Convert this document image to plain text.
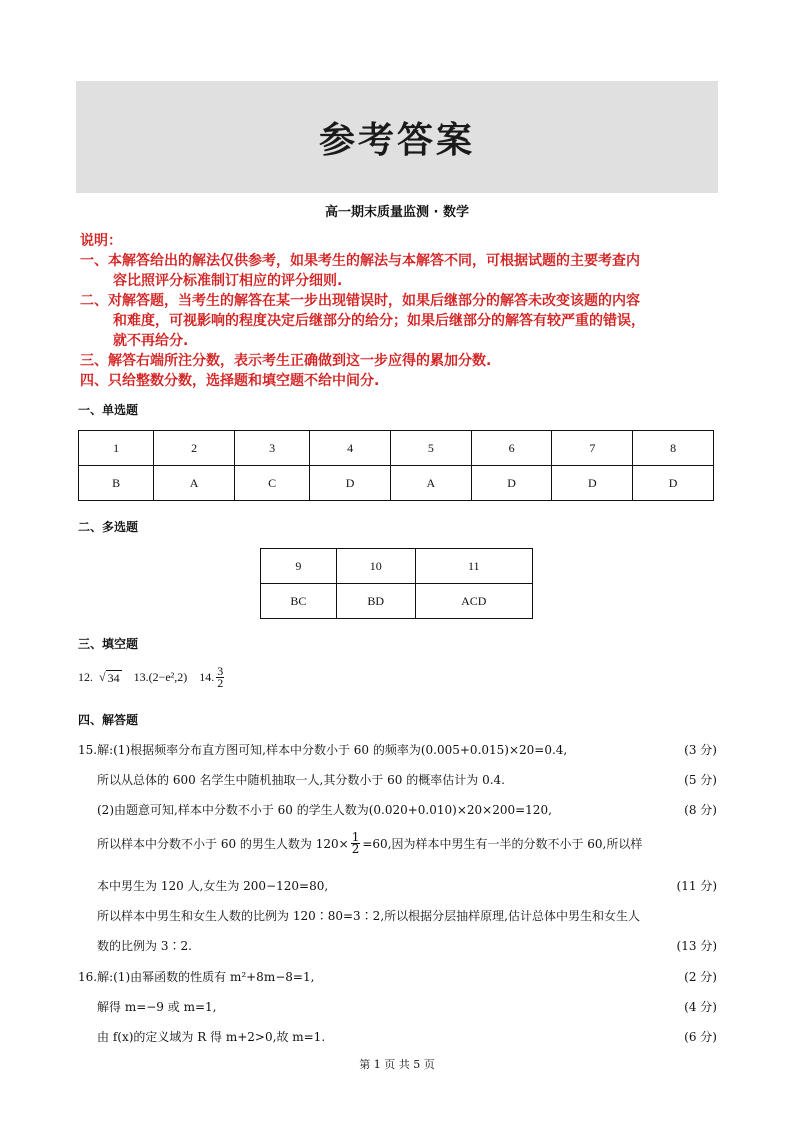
参考答案
高一期末质量监测 · 数学
说明：
一、本解答给出的解法仅供参考，如果考生的解法与本解答不同，可根据试题的主要考查内
容比照评分标准制订相应的评分细则.
二、对解答题，当考生的解答在某一步出现错误时，如果后继部分的解答未改变该题的内容
和难度，可视影响的程度决定后继部分的给分；如果后继部分的解答有较严重的错误，
就不再给分.
三、解答右端所注分数，表示考生正确做到这一步应得的累加分数.
四、只给整数分数，选择题和填空题不给中间分.
一、单选题
1	2	3	4	5	6	7	8
B	A	C	D	A	D	D	D
二、多选题
9	10	11
BC	BD	ACD
三、填空题
12. √ 34 13.(2−e²,2) 14. $\frac{3}{2}$
四、解答题
15.解:(1)根据频率分布直方图可知,样本中分数小于 60 的频率为(0.005+0.015)×20=0.4,	(3 分)
所以从总体的 600 名学生中随机抽取一人,其分数小于 60 的概率估计为 0.4.	(5 分)
(2)由题意可知,样本中分数不小于 60 的学生人数为(0.020+0.010)×20×200=120,	(8 分)
所以样本中分数不小于 60 的男生人数为 $120\times \frac{1}{2} =60$,因为样本中男生有一半的分数不小于 60,所以样
本中男生为 120 人,女生为 200−120=80,	(11 分)
所以样本中男生和女生人数的比例为 120∶80=3∶2,所以根据分层抽样原理,估计总体中男生和女生人
数的比例为 3∶2.	(13 分)
16.解:(1)由幂函数的性质有 m²+8m−8=1,	(2 分)
解得 m=−9 或 m=1,	(4 分)
由 f(x)的定义域为 R 得 m+2>0,故 m=1.	(6 分)
第 1 页 共 5 页
